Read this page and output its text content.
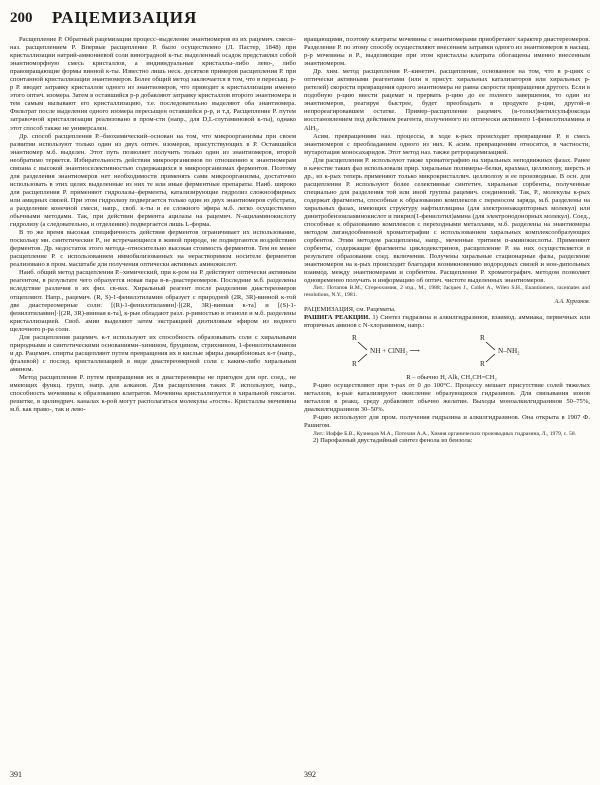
200 РАЦЕМИЗАЦИЯ

Расщепление Р. Обратный рацемизации процесс–выделение энантиомеров из их рацемич. смеси–наз. расщеплением Р. Впервые расщепление Р. было осуществлено (Л. Пастер, 1848) при кристаллизации натрий-аммониевой соли виноградной к-ты: выделенный осадок представлял собой энантиоморфную смесь кристаллов, а индивидуальные кристаллы–либо лево-, либо правовращающие формы винной к-ты. Известно лишь неск. десятков примеров расщепления Р. при спонтанной кристаллизации энантиомеров. Более общий метод заключается в том, что в пересыщ. р-р Р. вводят затравку кристаллов одного из энантиомеров, что приводит к кристаллизации именно этого оптич. изомера. Затем в оставшийся р-р добавляют затравку кристаллов второго энантиомера и тем самым вызывают его кристаллизацию, т.е. последовательно выделяют оба энантиомера. Фильтрат после выделения одного изомера пересыщен оставшейся р-р, и т.д. Расщепление Р. путем затравочной кристаллизации реализовано в пром-сти (напр., для D,L-глутаминовой к-ты), однако этот способ также не универсален.

Др. способ расщепления Р.–биохимический–основан на том, что микроорганизмы при своем развитии используют только один из двух оптич. изомеров, присутствующих в Р. Оставшийся энантиомер м.б. выделен. Этот путь позволяет получить только один из энантиомеров, второй необратимо теряется. Избирательность действия микроорганизмов по отношению к энантиомерам связана с высокой энантиоселективностью содержащихся в микроорганизмах ферментов. Поэтому для разделения энантиомеров нет необходимости применять сами микроорганизмы, достаточно использовать в этих целях выделенные из них те или иные ферментные препараты. Наиб. широко для расщепления Р. применяют гидролазы–ферменты, катализирующие гидролиз сложноэфирных или амидных связей. При этом гидролизу подвергается только один из двух энантиомеров субстрата, а разделение конечной смеси, напр., своб. к-ты и ее сложного эфира м.б. легко осуществлено обычными методами. Так, при действии фермента ацилазы на рацемич. N-ациламинокислоту гидролизу (а следовательно, и отделению) подвергается лишь L-форма.

В то же время высокая специфичность действия ферментов ограничивает их использование, поскольку мн. синтетические Р., не встречающиеся в живой природе, не подвергаются воздействию ферментов. Др. недостаток этого метода–относительно высокая стоимость ферментов. Тем не менее расщепление Р. с использованием иммобилизованных на нерастворимом носителе ферментов реализовано в пром. масштабе для получения оптически активных аминокислот.

Наиб. общий метод расщепления Р.–химический, при к-ром на Р. действуют оптически активным реагентом, в результате чего образуется новая пара в-в–диастереомеров. Последние м.б. разделены вследствие различия в их физ. св-вах. Хиральный реагент после разделения диастереомеров отщепляют. Напр., рацемич. (R, S)-1-фенилэтиламин образует с природной (2R, 3R)-винной к-той две диастереомерные соли: [(R)-1-фенилэтиламин]·[(2R, 3R)-винная к-та] и [(S)-1-фенилэтиламин]·[(2R, 3R)-винная к-та], к-рые обладают разл. р-римостью в этаноле и м.б. разделены кристаллизацией. Своб. амин выделяют затем экстракцией диэтиловым эфиром из водного щелочного р-ра соли.

Для расщепления рацемич. к-т используют их способность образовывать соли с хиральными природными и синтетическими основаниями–хинином, бруцином, стрихнином, 1-фенилэтиламином и др. Рацемич. спирты расщепляют путем превращения их в кислые эфиры дикарбоновых к-т (напр., фталевой) с послед. кристаллизацией в виде диастереомерной соли с каким-либо хиральным амином.

Метод расщепления Р. путем превращения их в диастереомеры не пригоден для орг. соед., не имеющих функц. групп, напр. для алканов. Для расщепления таких Р. используют, напр., способность мочевины к образованию клатратов. Мочевина кристаллизуется в хиральной гексагон. решетке, в цилиндрич. каналах к-рой могут располагаться молекулы «гостя». Кристаллы мочевины м.б. как право-, так и лево-

вращающими, поэтому клатраты мочевины с энантиомерами приобретают характер диастереомеров. Разделение Р. по этому способу осуществляют внесением затравки одного из энантиомеров в насыщ. р-р мочевины и Р., выделяющие при этом кристаллы клатрата обогащены именно внесенным энантиомером.

Др. хим. метод расщепления Р.–кинетич. расщепление, основанное на том, что в р-циях с оптически активными реагентами (или в присут. хиральных катализаторов или хиральных р-рителей) скорости превращения одного энантиомера не равна скорости превращения другого. Если в подобную р-цию ввести рацемат и прервать р-цию до ее полного завершения, то один из энантиомеров, реагируя быстрее, будет преобладать в продукте р-ции, другой–в непрореагировавшем остатке. Пример–расщепление рацемич. (в-толил)метилсульфоксида восстановлением под действием реагента, полученного из оптически активного 1-фенилэтиламина и AlH₃.

Асим. превращениям наз. процессы, в ходе к-рых происходит превращение Р. в смесь энантиомеров с преобладанием одного из них. К асим. превращениям относятся, в частности, мутаротация моносахаридов. Этот метод наз. также ретрорацемизацией.

Для расщепления Р. используют также хроматографию на хиральных неподвижных фазах. Ранее в качестве таких фаз использовали прир. хиральные полимеры–белки, крахмал, целлюлозу, шерсть и др., из к-рых теперь применяют только микрокристаллич. целлюлозу и ее производные. В осн. для расщепления Р. используют более селективные синтетич. хиральные сорбенты, полученные специально для разделения той или иной группы рацемич. соединений. Так, Р., молекулы к-рых содержат фрагменты, способные к образованию комплексов с переносом заряда, м.б. разделены на хиральных фазах, имеющих структуру нафтилглицина (для электроноакцепторных молекул) или динитробензоиламинокислот и пикрил(1-фенилэтил)амина (для электронодонорных молекул). Соед., способные к образованию комплексов с переходными металлами, м.б. разделены на энантиомеры методом лигандообменной хроматографии с использованием хиральных комплексообразующих сорбентов. Этим методом расщеплены, напр., меченные тритием α-аминокислоты. Применяют сорбенты, содержащие фрагменты циклодекстринов, расщепление Р. на них осуществляется в результате образования соед. включения. Получены хиральные стационарные фазы, разделение энантиомеров на к-рых происходит благодаря возникновению водородных связей и ион-дипольных взаимод. между энантиомерами и сорбентом. Расщепление Р. хроматографич. методом позволяет одновременно получать и информацию об оптич. чистоте выделенных энантиомеров.

Лит.: Потапов В.М., Стереохимия, 2 изд., М., 1988; Jacques J., Collet A., Wilen S.H., Enantiomers, racemates and resolutions, N.Y., 1981.

А.А. Курганов.

РАЦЕМИЗАЦИЯ, см. Рацематы.

РАШИГА РЕАКЦИИ. 1) Синтез гидразина и алкилгидразинов, взаимод. аммиака, первичных или вторичных аминов с N-хлорамином, напр.:

R
R
NH + ClNH₂ ⟶
R
R
N–NH₂

R – обычно H, Alk, CH₂CH=CH₂

Р-цию осуществляют при т-рах от 0 до 100°C. Процессу мешает присутствие солей тяжелых металлов, к-рые катализируют окисление образующихся гидразинов. Для связывания ионов металлов в реакц. среду добавляют обычно желатин. Выходы моноалкилгидразинов 50–75%, диалкилгидразинов 30–50%.

Р-цию используют для пром. получения гидразина и алкилгидразинов. Она открыта в 1907 Ф. Рашигом.

Лит.: Иоффе Б.В., Кузнецов М.А., Потехин А.А., Химия органических производных гидразина, Л., 1979, с. 58.

2) Парофазный двустадийный синтез фенола из бензола:

391	392
